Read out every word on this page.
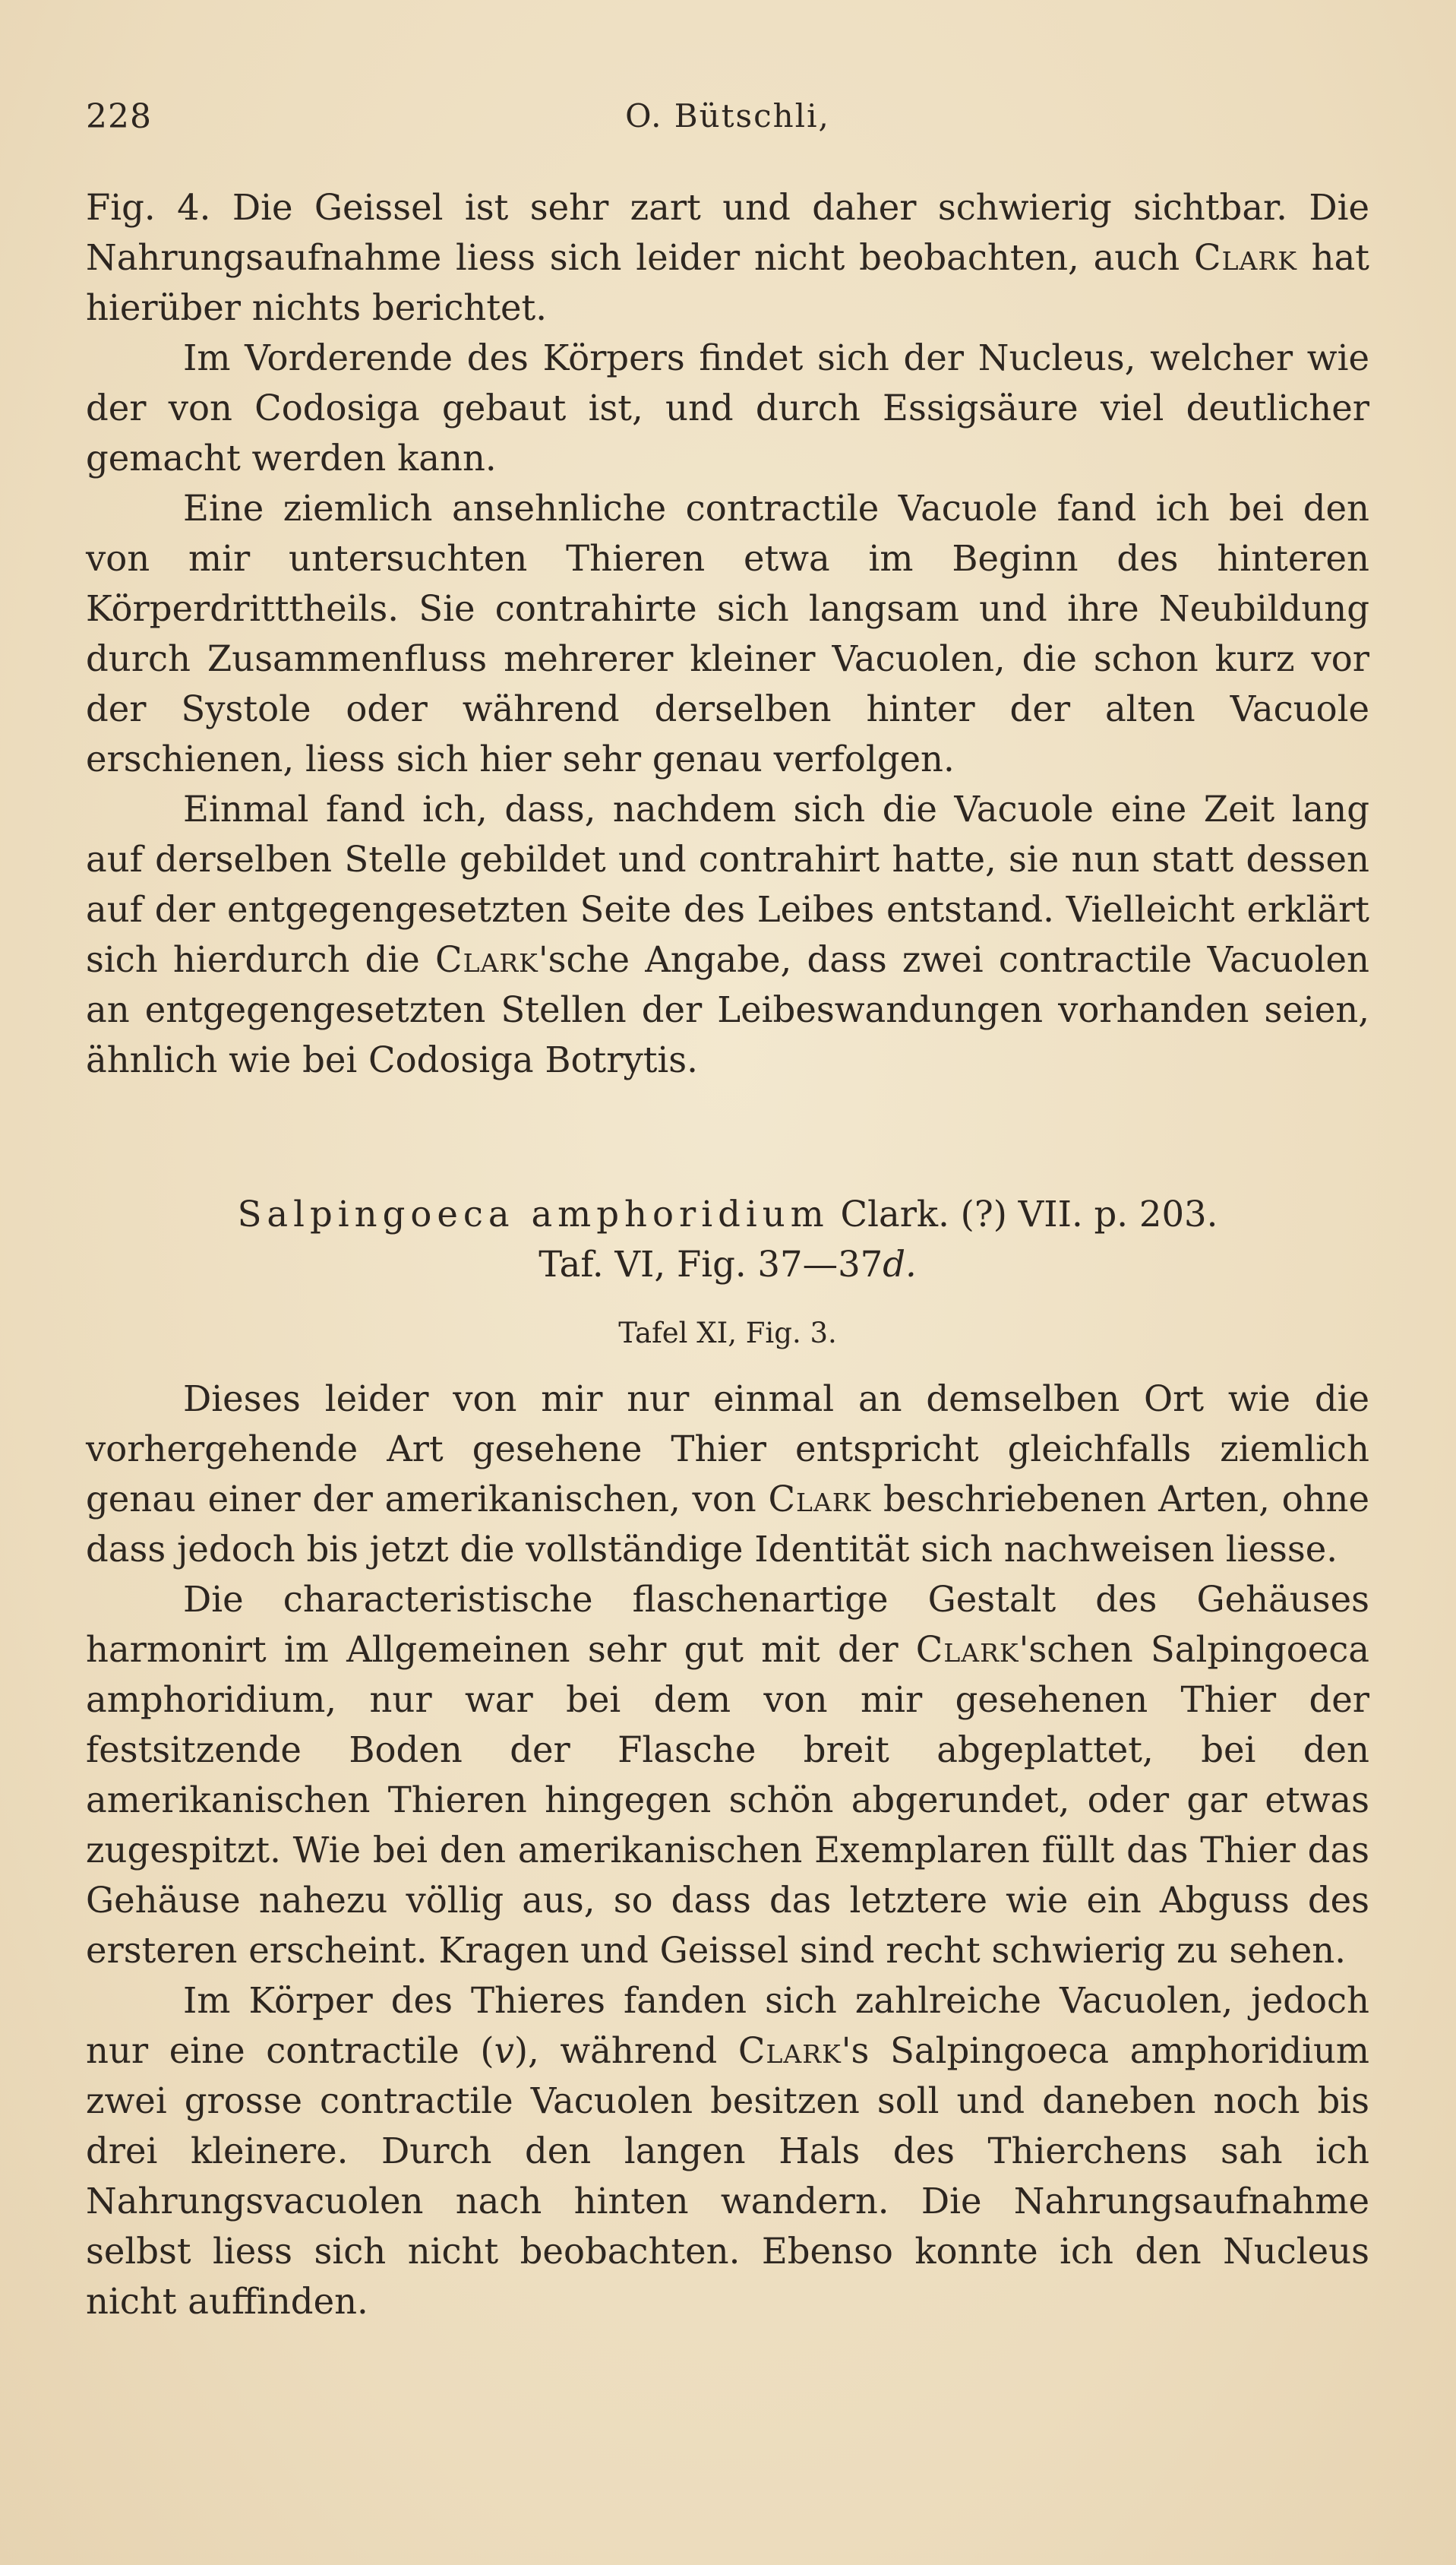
228	O. Bütschli,

Fig. 4. Die Geissel ist sehr zart und daher schwierig sichtbar. Die Nahrungsaufnahme liess sich leider nicht beobachten, auch Clark hat hierüber nichts berichtet.

Im Vorderende des Körpers findet sich der Nucleus, welcher wie der von Codosiga gebaut ist, und durch Essigsäure viel deutlicher gemacht werden kann.

Eine ziemlich ansehnliche contractile Vacuole fand ich bei den von mir untersuchten Thieren etwa im Beginn des hinteren Körperdritttheils. Sie contrahirte sich langsam und ihre Neubildung durch Zusammenfluss mehrerer kleiner Vacuolen, die schon kurz vor der Systole oder während derselben hinter der alten Vacuole erschienen, liess sich hier sehr genau verfolgen.

Einmal fand ich, dass, nachdem sich die Vacuole eine Zeit lang auf derselben Stelle gebildet und contrahirt hatte, sie nun statt dessen auf der entgegengesetzten Seite des Leibes entstand. Vielleicht erklärt sich hierdurch die Clark'sche Angabe, dass zwei contractile Vacuolen an entgegengesetzten Stellen der Leibeswandungen vorhanden seien, ähnlich wie bei Codosiga Botrytis.

Salpingoeca amphoridium Clark. (?) VII. p. 203.
Taf. VI, Fig. 37—37d.
Tafel XI, Fig. 3.

Dieses leider von mir nur einmal an demselben Ort wie die vorhergehende Art gesehene Thier entspricht gleichfalls ziemlich genau einer der amerikanischen, von Clark beschriebenen Arten, ohne dass jedoch bis jetzt die vollständige Identität sich nachweisen liesse.

Die characteristische flaschenartige Gestalt des Gehäuses harmonirt im Allgemeinen sehr gut mit der Clark'schen Salpingoeca amphoridium, nur war bei dem von mir gesehenen Thier der festsitzende Boden der Flasche breit abgeplattet, bei den amerikanischen Thieren hingegen schön abgerundet, oder gar etwas zugespitzt. Wie bei den amerikanischen Exemplaren füllt das Thier das Gehäuse nahezu völlig aus, so dass das letztere wie ein Abguss des ersteren erscheint. Kragen und Geissel sind recht schwierig zu sehen.

Im Körper des Thieres fanden sich zahlreiche Vacuolen, jedoch nur eine contractile (v), während Clark's Salpingoeca amphoridium zwei grosse contractile Vacuolen besitzen soll und daneben noch bis drei kleinere. Durch den langen Hals des Thierchens sah ich Nahrungsvacuolen nach hinten wandern. Die Nahrungsaufnahme selbst liess sich nicht beobachten. Ebenso konnte ich den Nucleus nicht auffinden.
